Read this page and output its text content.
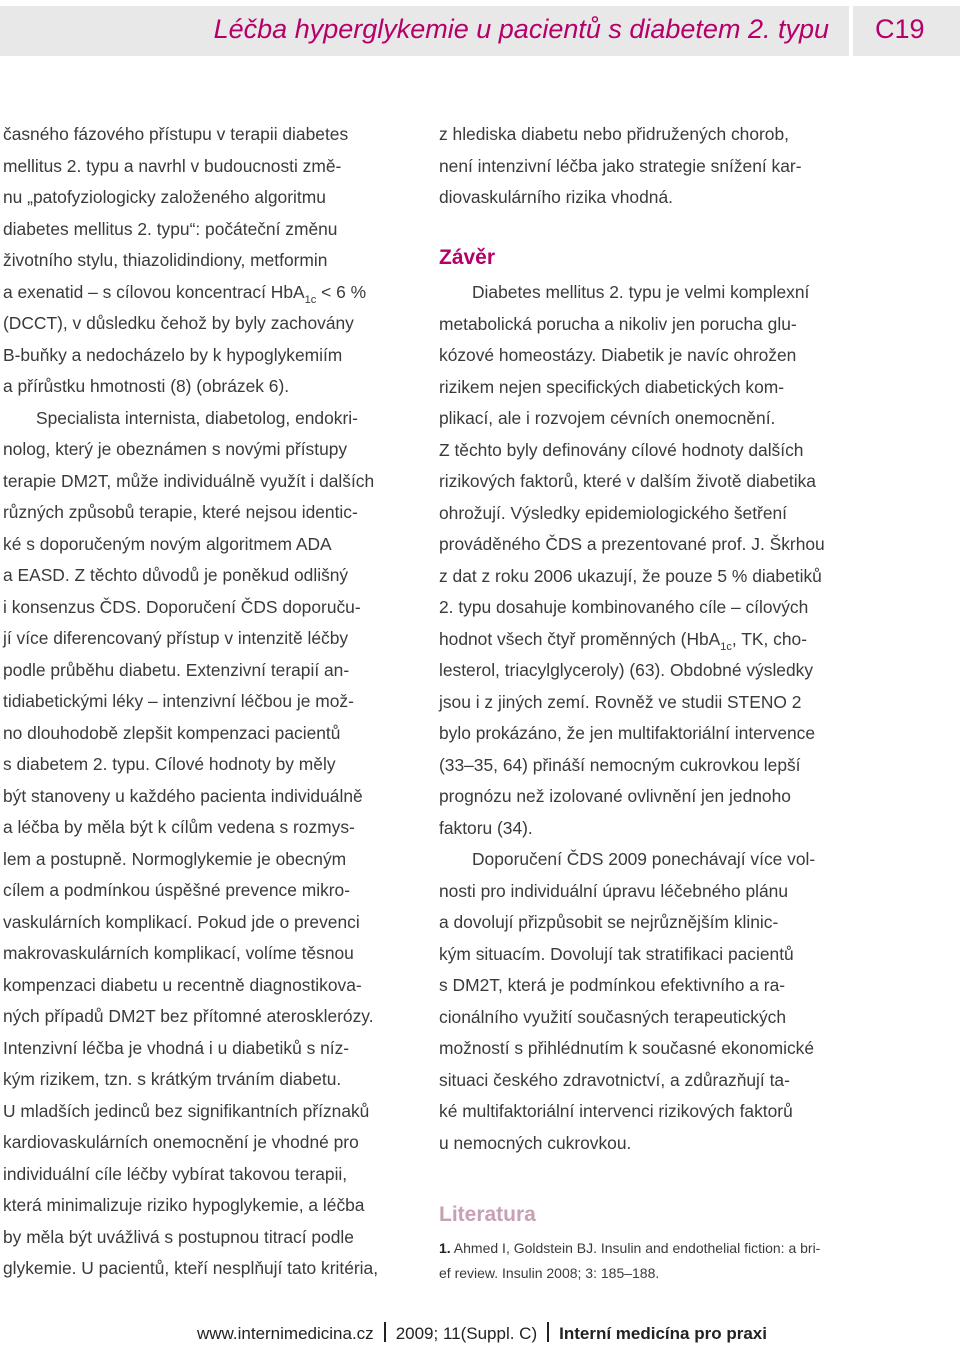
Léčba hyperglykemie u pacientů s diabetem 2. typu C19
časného fázového přístupu v terapii diabetes
mellitus 2. typu a navrhl v budoucnosti změ-
nu „patofyziologicky založeného algoritmu
diabetes mellitus 2. typu“: počáteční změnu
životního stylu, thiazolidindiony, metformin
a exenatid – s cílovou koncentrací HbA$_{1c}$ < 6 %
(DCCT), v důsledku čehož by byly zachovány
B-buňky a nedocházelo by k hypoglykemiím
a přírůstku hmotnosti (8) (obrázek 6).
Specialista internista, diabetolog, endokri-
nolog, který je obeznámen s novými přístupy
terapie DM2T, může individuálně využít i dalších
různých způsobů terapie, které nejsou identic-
ké s doporučeným novým algoritmem ADA
a EASD. Z těchto důvodů je poněkud odlišný
i konsenzus ČDS. Doporučení ČDS doporuču-
jí více diferencovaný přístup v intenzitě léčby
podle průběhu diabetu. Extenzivní terapií an-
tidiabetickými léky – intenzivní léčbou je mož-
no dlouhodobě zlepšit kompenzaci pacientů
s diabetem 2. typu. Cílové hodnoty by měly
být stanoveny u každého pacienta individuálně
a léčba by měla být k cílům vedena s rozmys-
lem a postupně. Normoglykemie je obecným
cílem a podmínkou úspěšné prevence mikro-
vaskulárních komplikací. Pokud jde o prevenci
makrovaskulárních komplikací, volíme těsnou
kompenzaci diabetu u recentně diagnostikova-
ných případů DM2T bez přítomné aterosklerózy.
Intenzivní léčba je vhodná i u diabetiků s níz-
kým rizikem, tzn. s krátkým trváním diabetu.
U mladších jedinců bez signifikantních příznaků
kardiovaskulárních onemocnění je vhodné pro
individuální cíle léčby vybírat takovou terapii,
která minimalizuje riziko hypoglykemie, a léčba
by měla být uvážlivá s postupnou titrací podle
glykemie. U pacientů, kteří nesplňují tato kritéria,
z hlediska diabetu nebo přidružených chorob,
není intenzivní léčba jako strategie snížení kar-
diovaskulárního rizika vhodná.
Závěr
Diabetes mellitus 2. typu je velmi komplexní
metabolická porucha a nikoliv jen porucha glu-
kózové homeostázy. Diabetik je navíc ohrožen
rizikem nejen specifických diabetických kom-
plikací, ale i rozvojem cévních onemocnění.
Z těchto byly definovány cílové hodnoty dalších
rizikových faktorů, které v dalším životě diabetika
ohrožují. Výsledky epidemiologického šetření
prováděného ČDS a prezentované prof. J. Škrhou
z dat z roku 2006 ukazují, že pouze 5 % diabetiků
2. typu dosahuje kombinovaného cíle – cílových
hodnot všech čtyř proměnných (HbA$_{1c}$, TK, cho-
lesterol, triacylglyceroly) (63). Obdobné výsledky
jsou i z jiných zemí. Rovněž ve studii STENO 2
bylo prokázáno, že jen multifaktoriální intervence
(33–35, 64) přináší nemocným cukrovkou lepší
prognózu než izolované ovlivnění jen jednoho
faktoru (34).
Doporučení ČDS 2009 ponechávají více vol-
nosti pro individuální úpravu léčebného plánu
a dovolují přizpůsobit se nejrůznějším klinic-
kým situacím. Dovolují tak stratifikaci pacientů
s DM2T, která je podmínkou efektivního a ra-
cionálního využití současných terapeutických
možností s přihlédnutím k současné ekonomické
situaci českého zdravotnictví, a zdůrazňují ta-
ké multifaktoriální intervenci rizikových faktorů
u nemocných cukrovkou.
Literatura
1. Ahmed I, Goldstein BJ. Insulin and endothelial fiction: a bri-
ef review. Insulin 2008; 3: 185–188.
www.internimedicina.cz 2009; 11(Suppl. C) Interní medicína pro praxi
